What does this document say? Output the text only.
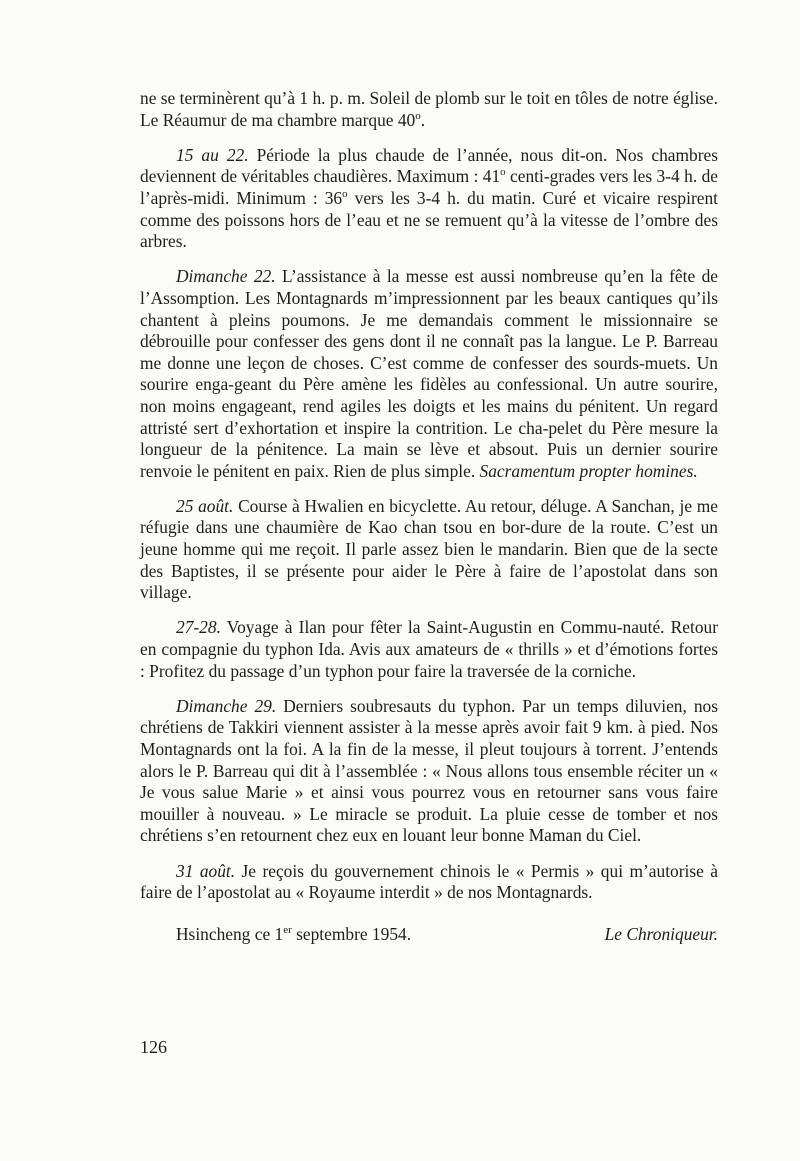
ne se terminèrent qu’à 1 h. p. m. Soleil de plomb sur le toit en tôles de notre église. Le Réaumur de ma chambre marque 40$^o$.

15 au 22. Période la plus chaude de l’année, nous dit-on. Nos chambres deviennent de véritables chaudières. Maximum : 41$^o$ centi-grades vers les 3-4 h. de l’après-midi. Minimum : 36$^o$ vers les 3-4 h. du matin. Curé et vicaire respirent comme des poissons hors de l’eau et ne se remuent qu’à la vitesse de l’ombre des arbres.

Dimanche 22. L’assistance à la messe est aussi nombreuse qu’en la fête de l’Assomption. Les Montagnards m’impressionnent par les beaux cantiques qu’ils chantent à pleins poumons. Je me demandais comment le missionnaire se débrouille pour confesser des gens dont il ne connaît pas la langue. Le P. Barreau me donne une leçon de choses. C’est comme de confesser des sourds-muets. Un sourire enga-geant du Père amène les fidèles au confessional. Un autre sourire, non moins engageant, rend agiles les doigts et les mains du pénitent. Un regard attristé sert d’exhortation et inspire la contrition. Le cha-pelet du Père mesure la longueur de la pénitence. La main se lève et absout. Puis un dernier sourire renvoie le pénitent en paix. Rien de plus simple. Sacramentum propter homines.

25 août. Course à Hwalien en bicyclette. Au retour, déluge. A Sanchan, je me réfugie dans une chaumière de Kao chan tsou en bor-dure de la route. C’est un jeune homme qui me reçoit. Il parle assez bien le mandarin. Bien que de la secte des Baptistes, il se présente pour aider le Père à faire de l’apostolat dans son village.

27-28. Voyage à Ilan pour fêter la Saint-Augustin en Commu-nauté. Retour en compagnie du typhon Ida. Avis aux amateurs de « thrills » et d’émotions fortes : Profitez du passage d’un typhon pour faire la traversée de la corniche.

Dimanche 29. Derniers soubresauts du typhon. Par un temps diluvien, nos chrétiens de Takkiri viennent assister à la messe après avoir fait 9 km. à pied. Nos Montagnards ont la foi. A la fin de la messe, il pleut toujours à torrent. J’entends alors le P. Barreau qui dit à l’assemblée : « Nous allons tous ensemble réciter un « Je vous salue Marie » et ainsi vous pourrez vous en retourner sans vous faire mouiller à nouveau. » Le miracle se produit. La pluie cesse de tomber et nos chrétiens s’en retournent chez eux en louant leur bonne Maman du Ciel.

31 août. Je reçois du gouvernement chinois le « Permis » qui m’autorise à faire de l’apostolat au « Royaume interdit » de nos Montagnards.

Hsincheng ce 1er septembre 1954.	Le Chroniqueur.
126
